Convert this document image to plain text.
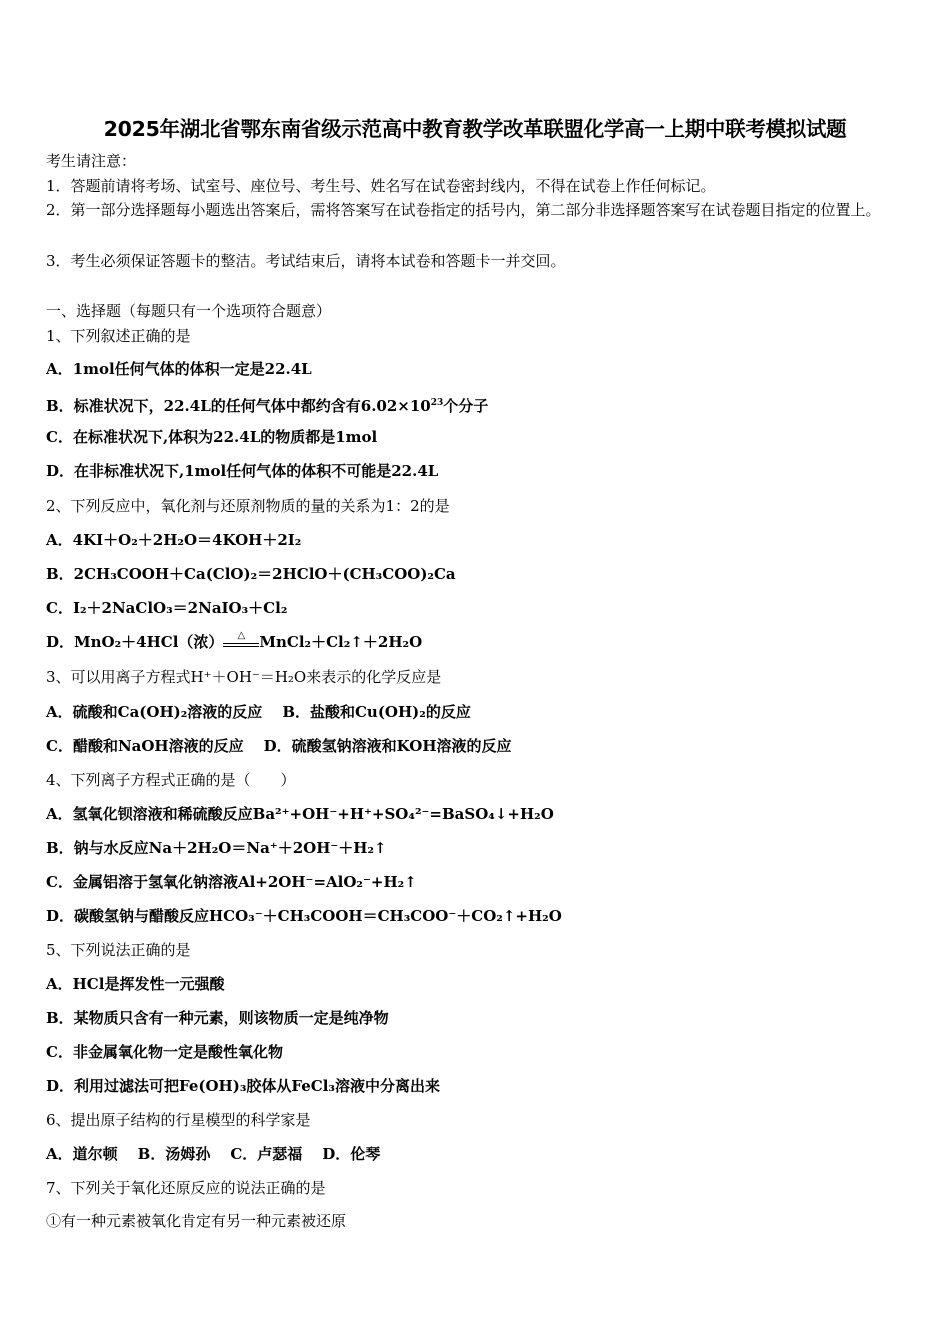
2025年湖北省鄂东南省级示范高中教育教学改革联盟化学高一上期中联考模拟试题
考生请注意：
1．答题前请将考场、试室号、座位号、考生号、姓名写在试卷密封线内，不得在试卷上作任何标记。
2．第一部分选择题每小题选出答案后，需将答案写在试卷指定的括号内，第二部分非选择题答案写在试卷题目指定的位置上。
3．考生必须保证答题卡的整洁。考试结束后，请将本试卷和答题卡一并交回。
一、选择题（每题只有一个选项符合题意）
1、下列叙述正确的是
A．1mol任何气体的体积一定是22.4L
B．标准状况下，22.4L的任何气体中都约含有$6.02\times 10^{23}$个分子
C．在标准状况下,体积为22.4L的物质都是1mol
D．在非标准状况下,1mol任何气体的体积不可能是22.4L
2、下列反应中，氧化剂与还原剂物质的量的关系为1：2的是
A．4KI＋O₂＋2H₂O＝4KOH＋2I₂
B．2CH₃COOH＋Ca(ClO)₂＝2HClO＋(CH₃COO)₂Ca
C．I₂＋2NaClO₃＝2NaIO₃＋Cl₂
D．MnO₂＋4HCl（浓）	△ MnCl₂＋Cl₂↑＋2H₂O
3、可以用离子方程式H⁺＋OH⁻＝H₂O来表示的化学反应是
A．硫酸和Ca(OH)₂溶液的反应 B．盐酸和Cu(OH)₂的反应
C．醋酸和NaOH溶液的反应 D．硫酸氢钠溶液和KOH溶液的反应
4、下列离子方程式正确的是（　　）
A．氢氧化钡溶液和稀硫酸反应Ba²⁺+OH⁻+H⁺+SO₄²⁻=BaSO₄↓+H₂O
B．钠与水反应Na＋2H₂O＝Na⁺＋2OH⁻＋H₂↑
C．金属铝溶于氢氧化钠溶液Al+2OH⁻=AlO₂⁻+H₂↑
D．碳酸氢钠与醋酸反应HCO₃⁻＋CH₃COOH＝CH₃COO⁻＋CO₂↑+H₂O
5、下列说法正确的是
A．HCl是挥发性一元强酸
B．某物质只含有一种元素，则该物质一定是纯净物
C．非金属氧化物一定是酸性氧化物
D．利用过滤法可把Fe(OH)₃胶体从FeCl₃溶液中分离出来
6、提出原子结构的行星模型的科学家是
A．道尔顿 B．汤姆孙 C．卢瑟福 D．伦琴
7、下列关于氧化还原反应的说法正确的是
①有一种元素被氧化肯定有另一种元素被还原
